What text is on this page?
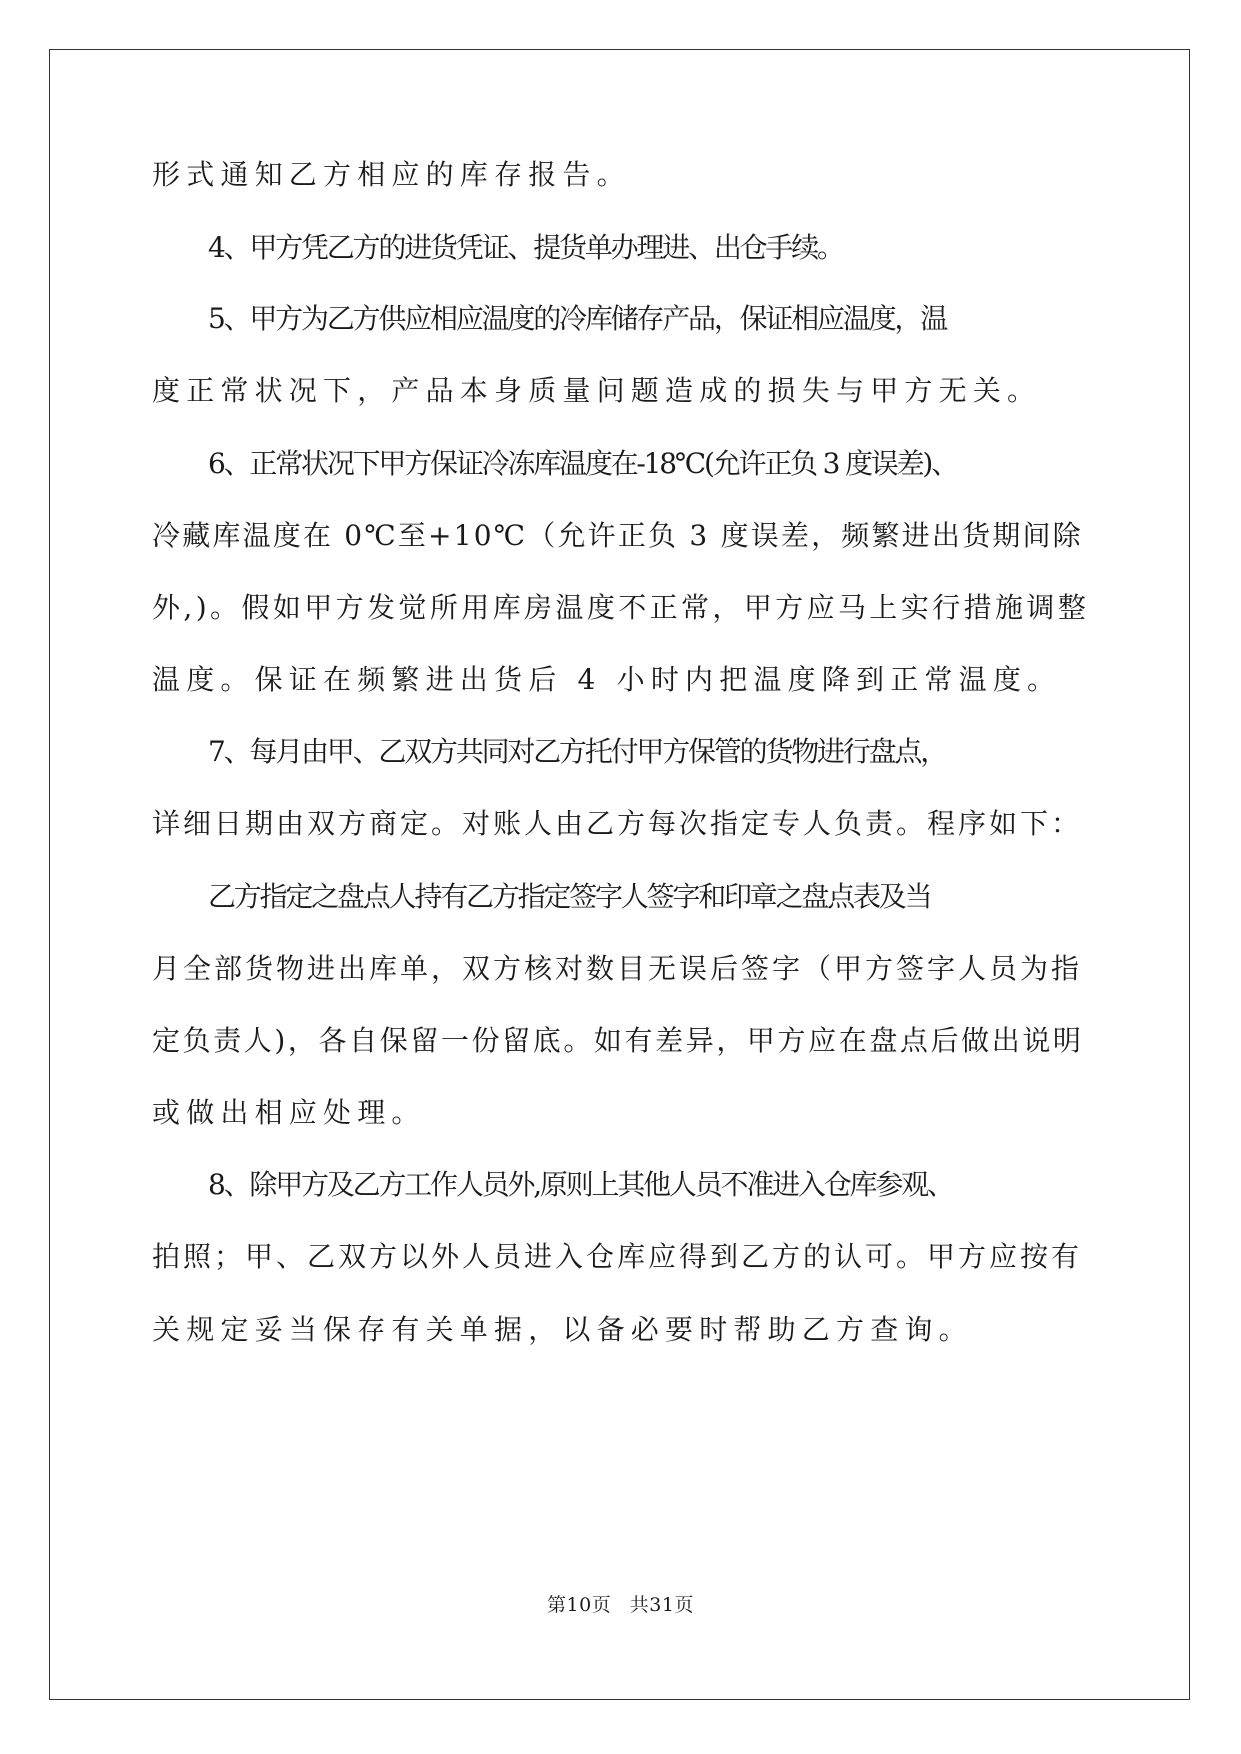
形式通知乙方相应的库存报告。
4、甲方凭乙方的进货凭证、提货单办理进、出仓手续。
5、甲方为乙方供应相应温度的冷库储存产品，保证相应温度，温
度正常状况下，产品本身质量问题造成的损失与甲方无关。
6、正常状况下甲方保证冷冻库温度在-18℃(允许正负 3 度误差)、
冷藏库温度在 0℃至+10℃（允许正负 3 度误差，频繁进出货期间除
外,)。假如甲方发觉所用库房温度不正常，甲方应马上实行措施调整
温度。保证在频繁进出货后 4 小时内把温度降到正常温度。
7、每月由甲、乙双方共同对乙方托付甲方保管的货物进行盘点，
详细日期由双方商定。对账人由乙方每次指定专人负责。程序如下：
乙方指定之盘点人持有乙方指定签字人签字和印章之盘点表及当
月全部货物进出库单，双方核对数目无误后签字（甲方签字人员为指
定负责人)，各自保留一份留底。如有差异，甲方应在盘点后做出说明
或做出相应处理。
8、除甲方及乙方工作人员外,原则上其他人员不准进入仓库参观、
拍照；甲、乙双方以外人员进入仓库应得到乙方的认可。甲方应按有
关规定妥当保存有关单据，以备必要时帮助乙方查询。
第10页 共31页
